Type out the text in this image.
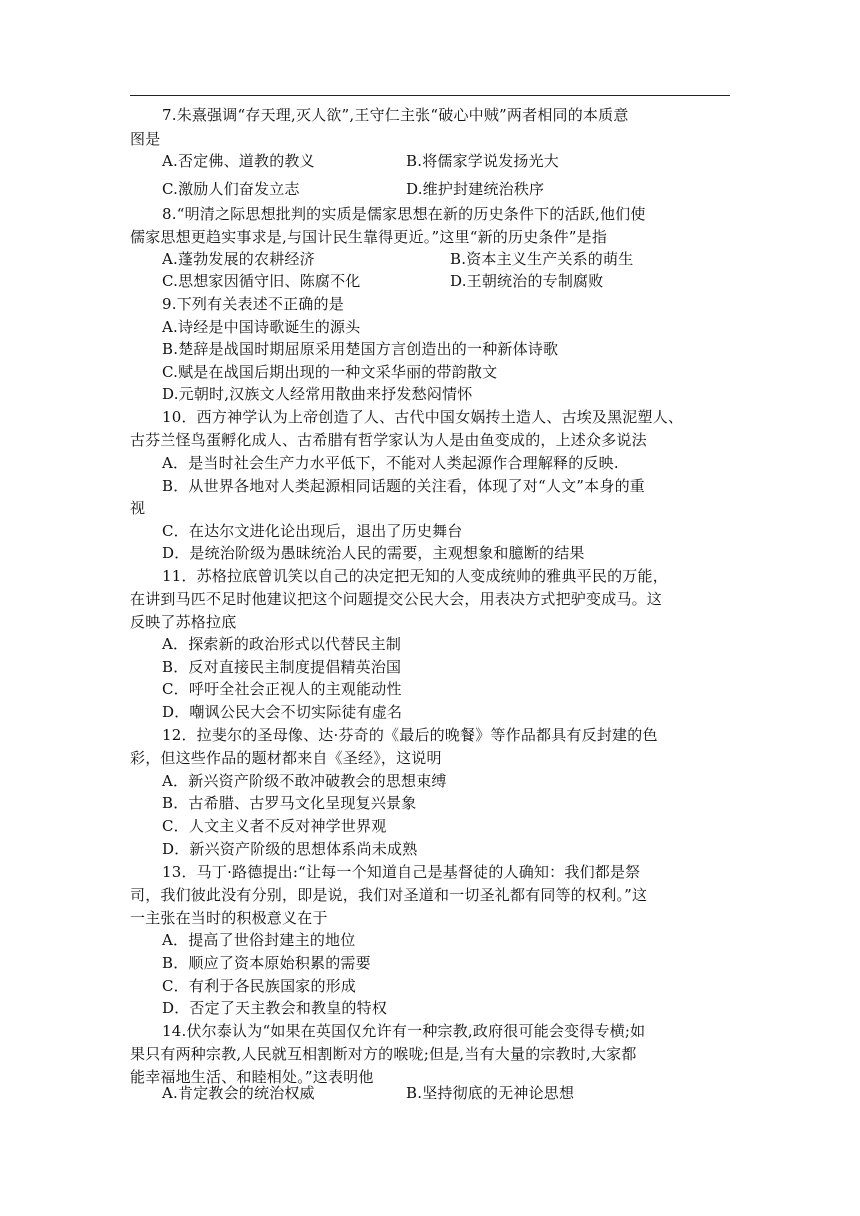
7.朱熹强调“存天理,灭人欲”,王守仁主张“破心中贼”两者相同的本质意
图是
A.否定佛、道教的教义	B.将儒家学说发扬光大
C.激励人们奋发立志	D.维护封建统治秩序
8.“明清之际思想批判的实质是儒家思想在新的历史条件下的活跃,他们使
儒家思想更趋实事求是,与国计民生靠得更近。”这里“新的历史条件”是指
A.蓬勃发展的农耕经济	B.资本主义生产关系的萌生
C.思想家因循守旧、陈腐不化	D.王朝统治的专制腐败
9.下列有关表述不正确的是
A.诗经是中国诗歌诞生的源头
B.楚辞是战国时期屈原采用楚国方言创造出的一种新体诗歌
C.赋是在战国后期出现的一种文采华丽的带韵散文
D.元朝时,汉族文人经常用散曲来抒发愁闷情怀
10．西方神学认为上帝创造了人、古代中国女娲抟土造人、古埃及黑泥塑人、
古芬兰怪鸟蛋孵化成人、古希腊有哲学家认为人是由鱼变成的，上述众多说法
A．是当时社会生产力水平低下，不能对人类起源作合理解释的反映.
B．从世界各地对人类起源相同话题的关注看，体现了对“人文”本身的重
视
C．在达尔文进化论出现后，退出了历史舞台
D．是统治阶级为愚昧统治人民的需要，主观想象和臆断的结果
11．苏格拉底曾讥笑以自己的决定把无知的人变成统帅的雅典平民的万能，
在讲到马匹不足时他建议把这个问题提交公民大会，用表决方式把驴变成马。这
反映了苏格拉底
A．探索新的政治形式以代替民主制
B．反对直接民主制度提倡精英治国
C．呼吁全社会正视人的主观能动性
D．嘲讽公民大会不切实际徒有虚名
12．拉斐尔的圣母像、达·芬奇的《最后的晚餐》等作品都具有反封建的色
彩，但这些作品的题材都来自《圣经》，这说明
A．新兴资产阶级不敢冲破教会的思想束缚
B．古希腊、古罗马文化呈现复兴景象
C．人文主义者不反对神学世界观
D．新兴资产阶级的思想体系尚未成熟
13．马丁·路德提出:“让每一个知道自己是基督徒的人确知：我们都是祭
司，我们彼此没有分别，即是说，我们对圣道和一切圣礼都有同等的权利。”这
一主张在当时的积极意义在于
A．提高了世俗封建主的地位
B．顺应了资本原始积累的需要
C．有利于各民族国家的形成
D．否定了天主教会和教皇的特权
14.伏尔泰认为“如果在英国仅允许有一种宗教,政府很可能会变得专横;如
果只有两种宗教,人民就互相割断对方的喉咙;但是,当有大量的宗教时,大家都
能幸福地生活、和睦相处。”这表明他
A.肯定教会的统治权威	B.坚持彻底的无神论思想
